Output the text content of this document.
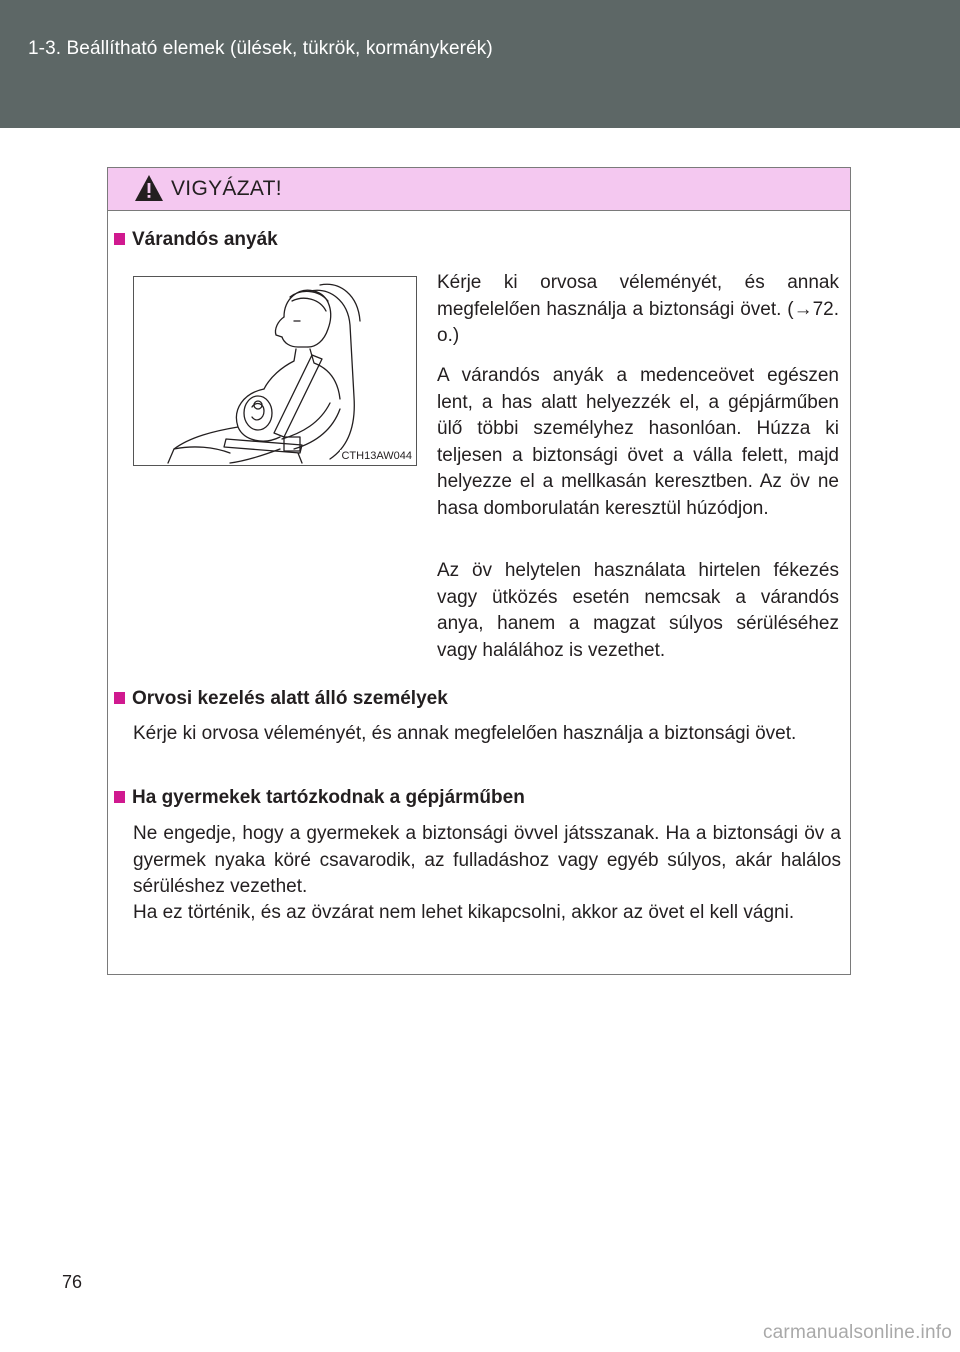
1-3. Beállítható elemek (ülések, tükrök, kormánykerék)
VIGYÁZAT!
Várandós anyák
CTH13AW044

Kérje ki orvosa véleményét, és annak megfelelően használja a biztonsági övet. (→72. o.)

A várandós anyák a medenceövet egészen lent, a has alatt helyezzék el, a gépjárműben ülő többi személyhez hasonlóan. Húzza ki teljesen a biztonsági övet a válla felett, majd helyezze el a mellkasán keresztben. Az öv ne hasa domborulatán keresztül húzódjon.

Az öv helytelen használata hirtelen fékezés vagy ütközés esetén nemcsak a várandós anya, hanem a magzat súlyos sérüléséhez vagy halálához is vezethet.

Orvosi kezelés alatt álló személyek

Kérje ki orvosa véleményét, és annak megfelelően használja a biztonsági övet.

Ha gyermekek tartózkodnak a gépjárműben

Ne engedje, hogy a gyermekek a biztonsági övvel játsszanak. Ha a biztonsági öv a gyermek nyaka köré csavarodik, az fulladáshoz vagy egyéb súlyos, akár halálos sérüléshez vezethet.

Ha ez történik, és az övzárat nem lehet kikapcsolni, akkor az övet el kell vágni.

76
carmanualsonline.info
